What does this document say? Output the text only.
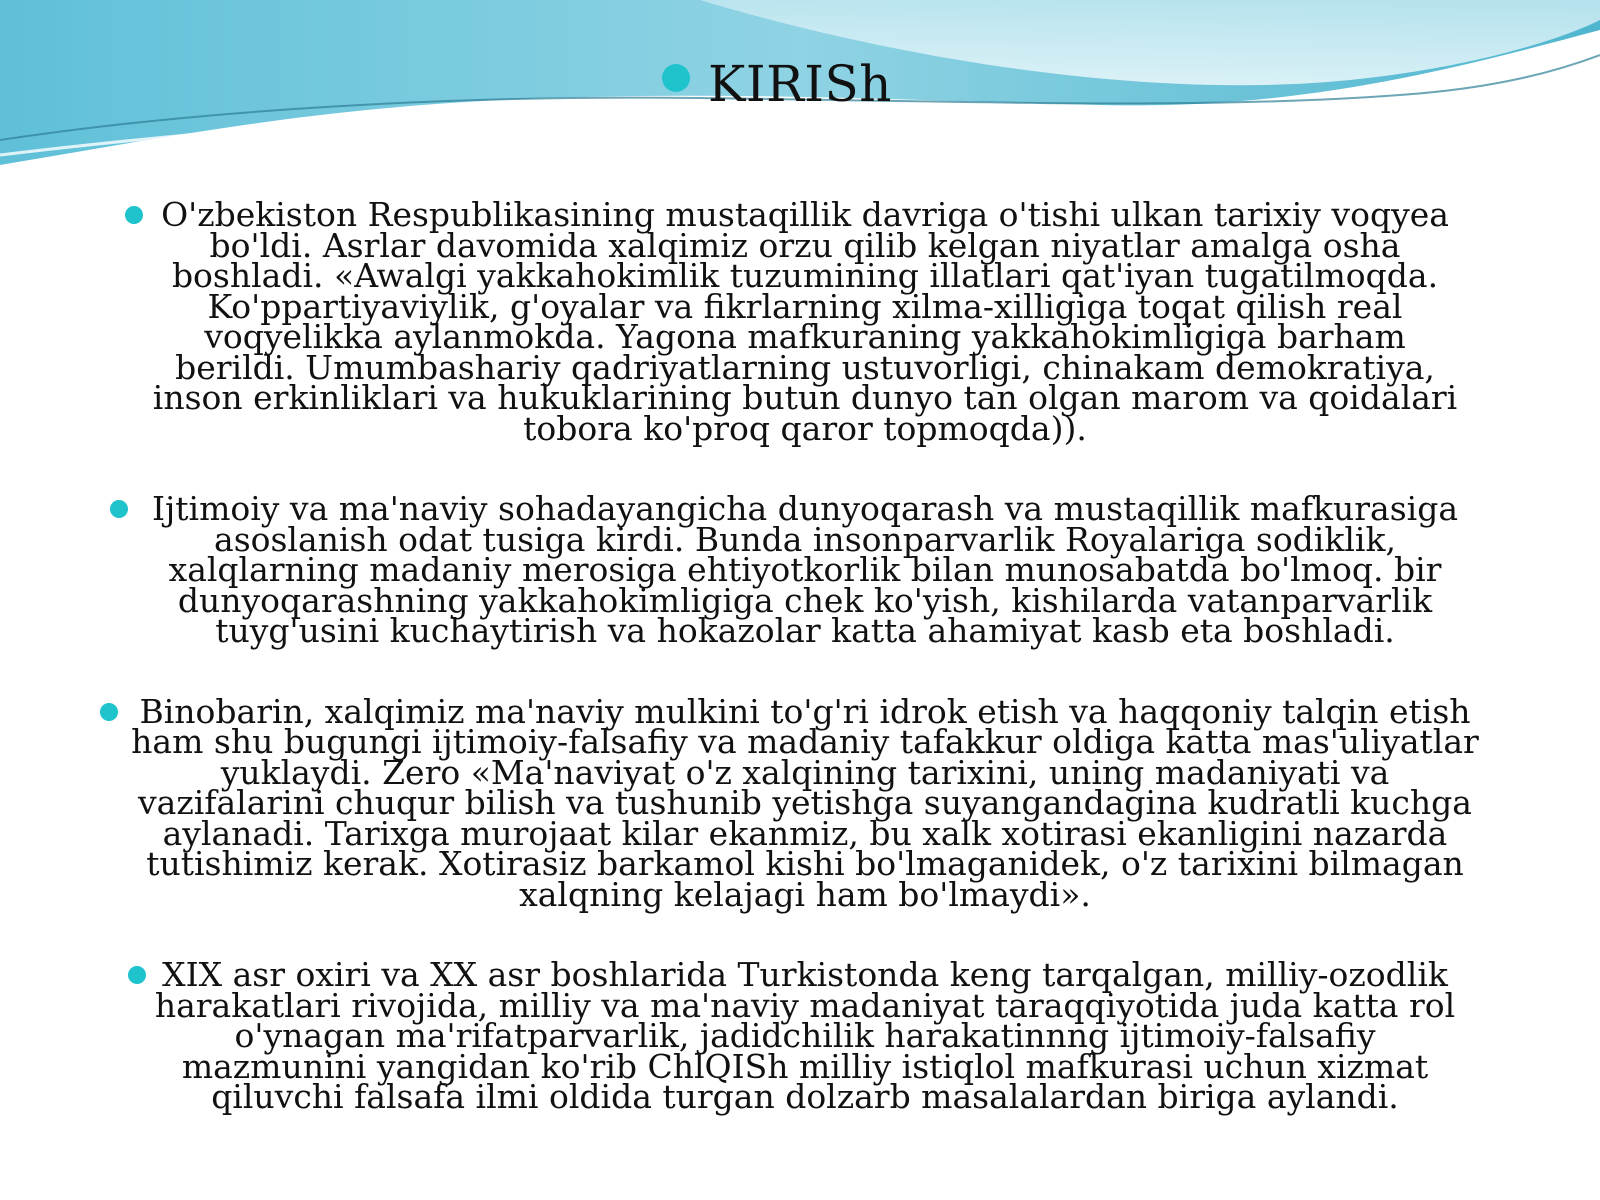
KIRISh
O'zbekiston Respublikasining mustaqillik davriga o'tishi ulkan tarixiy voqyea bo'ldi. Asrlar davomida xalqimiz orzu qilib kelgan niyatlar amalga osha boshladi. «Awalgi yakkahokimlik tuzumining illatlari qat'iyan tugatilmoqda. Ko'ppartiyaviylik, g'oyalar va fikrlarning xilma-xilligiga toqat qilish real voqyelikka aylanmokda. Yagona mafkuraning yakkahokimligiga barham berildi. Umumbashariy qadriyatlarning ustuvorligi, chinakam demokratiya, inson erkinliklari va hukuklarining butun dunyo tan olgan marom va qoidalari tobora ko'proq qaror topmoqda)).
Ijtimoiy va ma'naviy sohadayangicha dunyoqarash va mustaqillik mafkurasiga asoslanish odat tusiga kirdi. Bunda insonparvarlik Royalariga sodiklik, xalqlarning madaniy merosiga ehtiyotkorlik bilan munosabatda bo'lmoq. bir dunyoqarashning yakkahokimligiga chek ko'yish, kishilarda vatanparvarlik tuyg'usini kuchaytirish va hokazolar katta ahamiyat kasb eta boshladi.
Binobarin, xalqimiz ma'naviy mulkini to'g'ri idrok etish va haqqoniy talqin etish ham shu bugungi ijtimoiy-falsafiy va madaniy tafakkur oldiga katta mas'uliyatlar yuklaydi. Zero «Ma'naviyat o'z xalqining tarixini, uning madaniyati va vazifalarini chuqur bilish va tushunib yetishga suyangandagina kudratli kuchga aylanadi. Tarixga murojaat kilar ekanmiz, bu xalk xotirasi ekanligini nazarda tutishimiz kerak. Xotirasiz barkamol kishi bo'lmaganidek, o'z tarixini bilmagan xalqning kelajagi ham bo'lmaydi».
XIX asr oxiri va XX asr boshlarida Turkistonda keng tarqalgan, milliy-ozodlik harakatlari rivojida, milliy va ma'naviy madaniyat taraqqiyotida juda katta rol o'ynagan ma'rifatparvarlik, jadidchilik harakatinnng ijtimoiy-falsafiy mazmunini yangidan ko'rib ChlQISh milliy istiqlol mafkurasi uchun xizmat qiluvchi falsafa ilmi oldida turgan dolzarb masalalardan biriga aylandi.
